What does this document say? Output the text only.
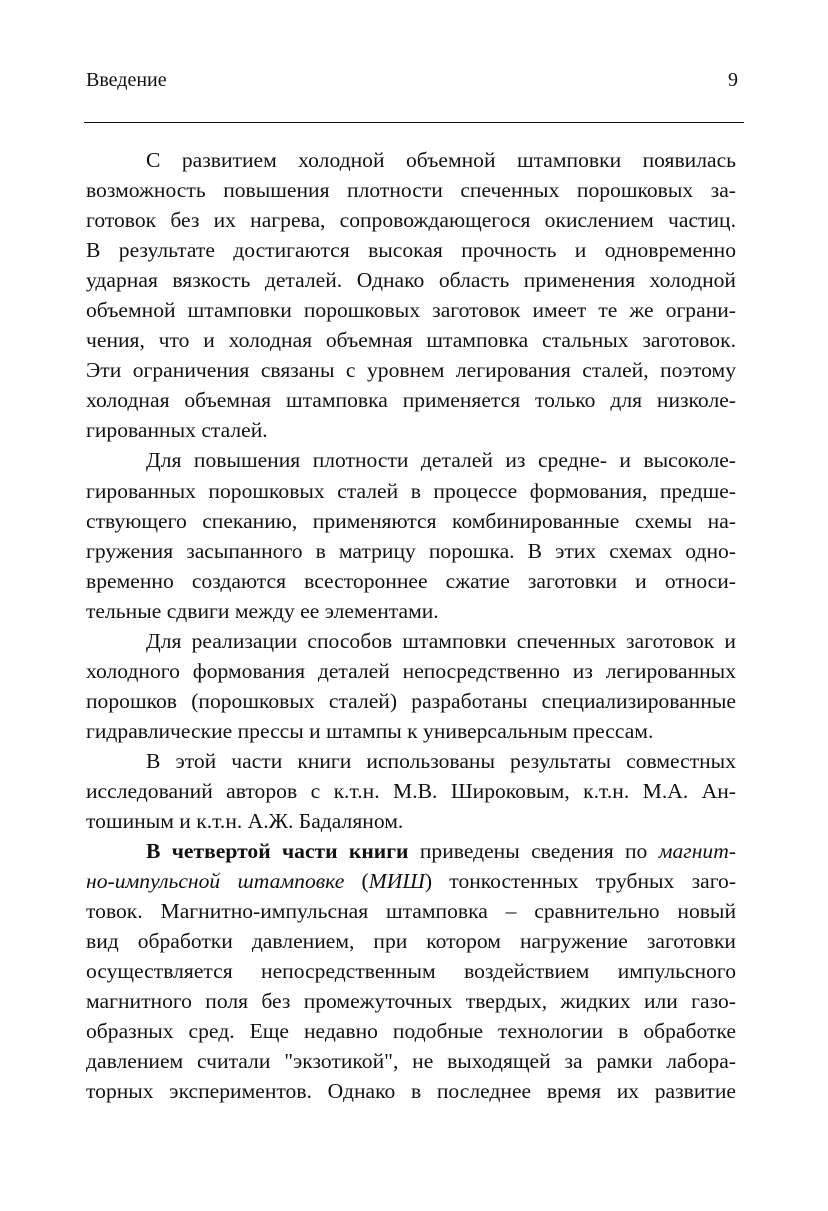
Введение	9
С развитием холодной объемной штамповки появилась
возможность повышения плотности спеченных порошковых за-
готовок без их нагрева, сопровождающегося окислением частиц.
В результате достигаются высокая прочность и одновременно
ударная вязкость деталей. Однако область применения холодной
объемной штамповки порошковых заготовок имеет те же ограни-
чения, что и холодная объемная штамповка стальных заготовок.
Эти ограничения связаны с уровнем легирования сталей, поэтому
холодная объемная штамповка применяется только для низколе-
гированных сталей.
Для повышения плотности деталей из средне- и высоколе-
гированных порошковых сталей в процессе формования, предше-
ствующего спеканию, применяются комбинированные схемы на-
гружения засыпанного в матрицу порошка. В этих схемах одно-
временно создаются всестороннее сжатие заготовки и относи-
тельные сдвиги между ее элементами.
Для реализации способов штамповки спеченных заготовок и
холодного формования деталей непосредственно из легированных
порошков (порошковых сталей) разработаны специализированные
гидравлические прессы и штампы к универсальным прессам.
В этой части книги использованы результаты совместных
исследований авторов с к.т.н. М.В. Широковым, к.т.н. М.А. Ан-
тошиным и к.т.н. А.Ж. Бадаляном.
В четвертой части книги приведены сведения по магнит-
но-импульсной штамповке (МИШ) тонкостенных трубных заго-
товок. Магнитно-импульсная штамповка – сравнительно новый
вид обработки давлением, при котором нагружение заготовки
осуществляется непосредственным воздействием импульсного
магнитного поля без промежуточных твердых, жидких или газо-
образных сред. Еще недавно подобные технологии в обработке
давлением считали "экзотикой", не выходящей за рамки лабора-
торных экспериментов. Однако в последнее время их развитие
